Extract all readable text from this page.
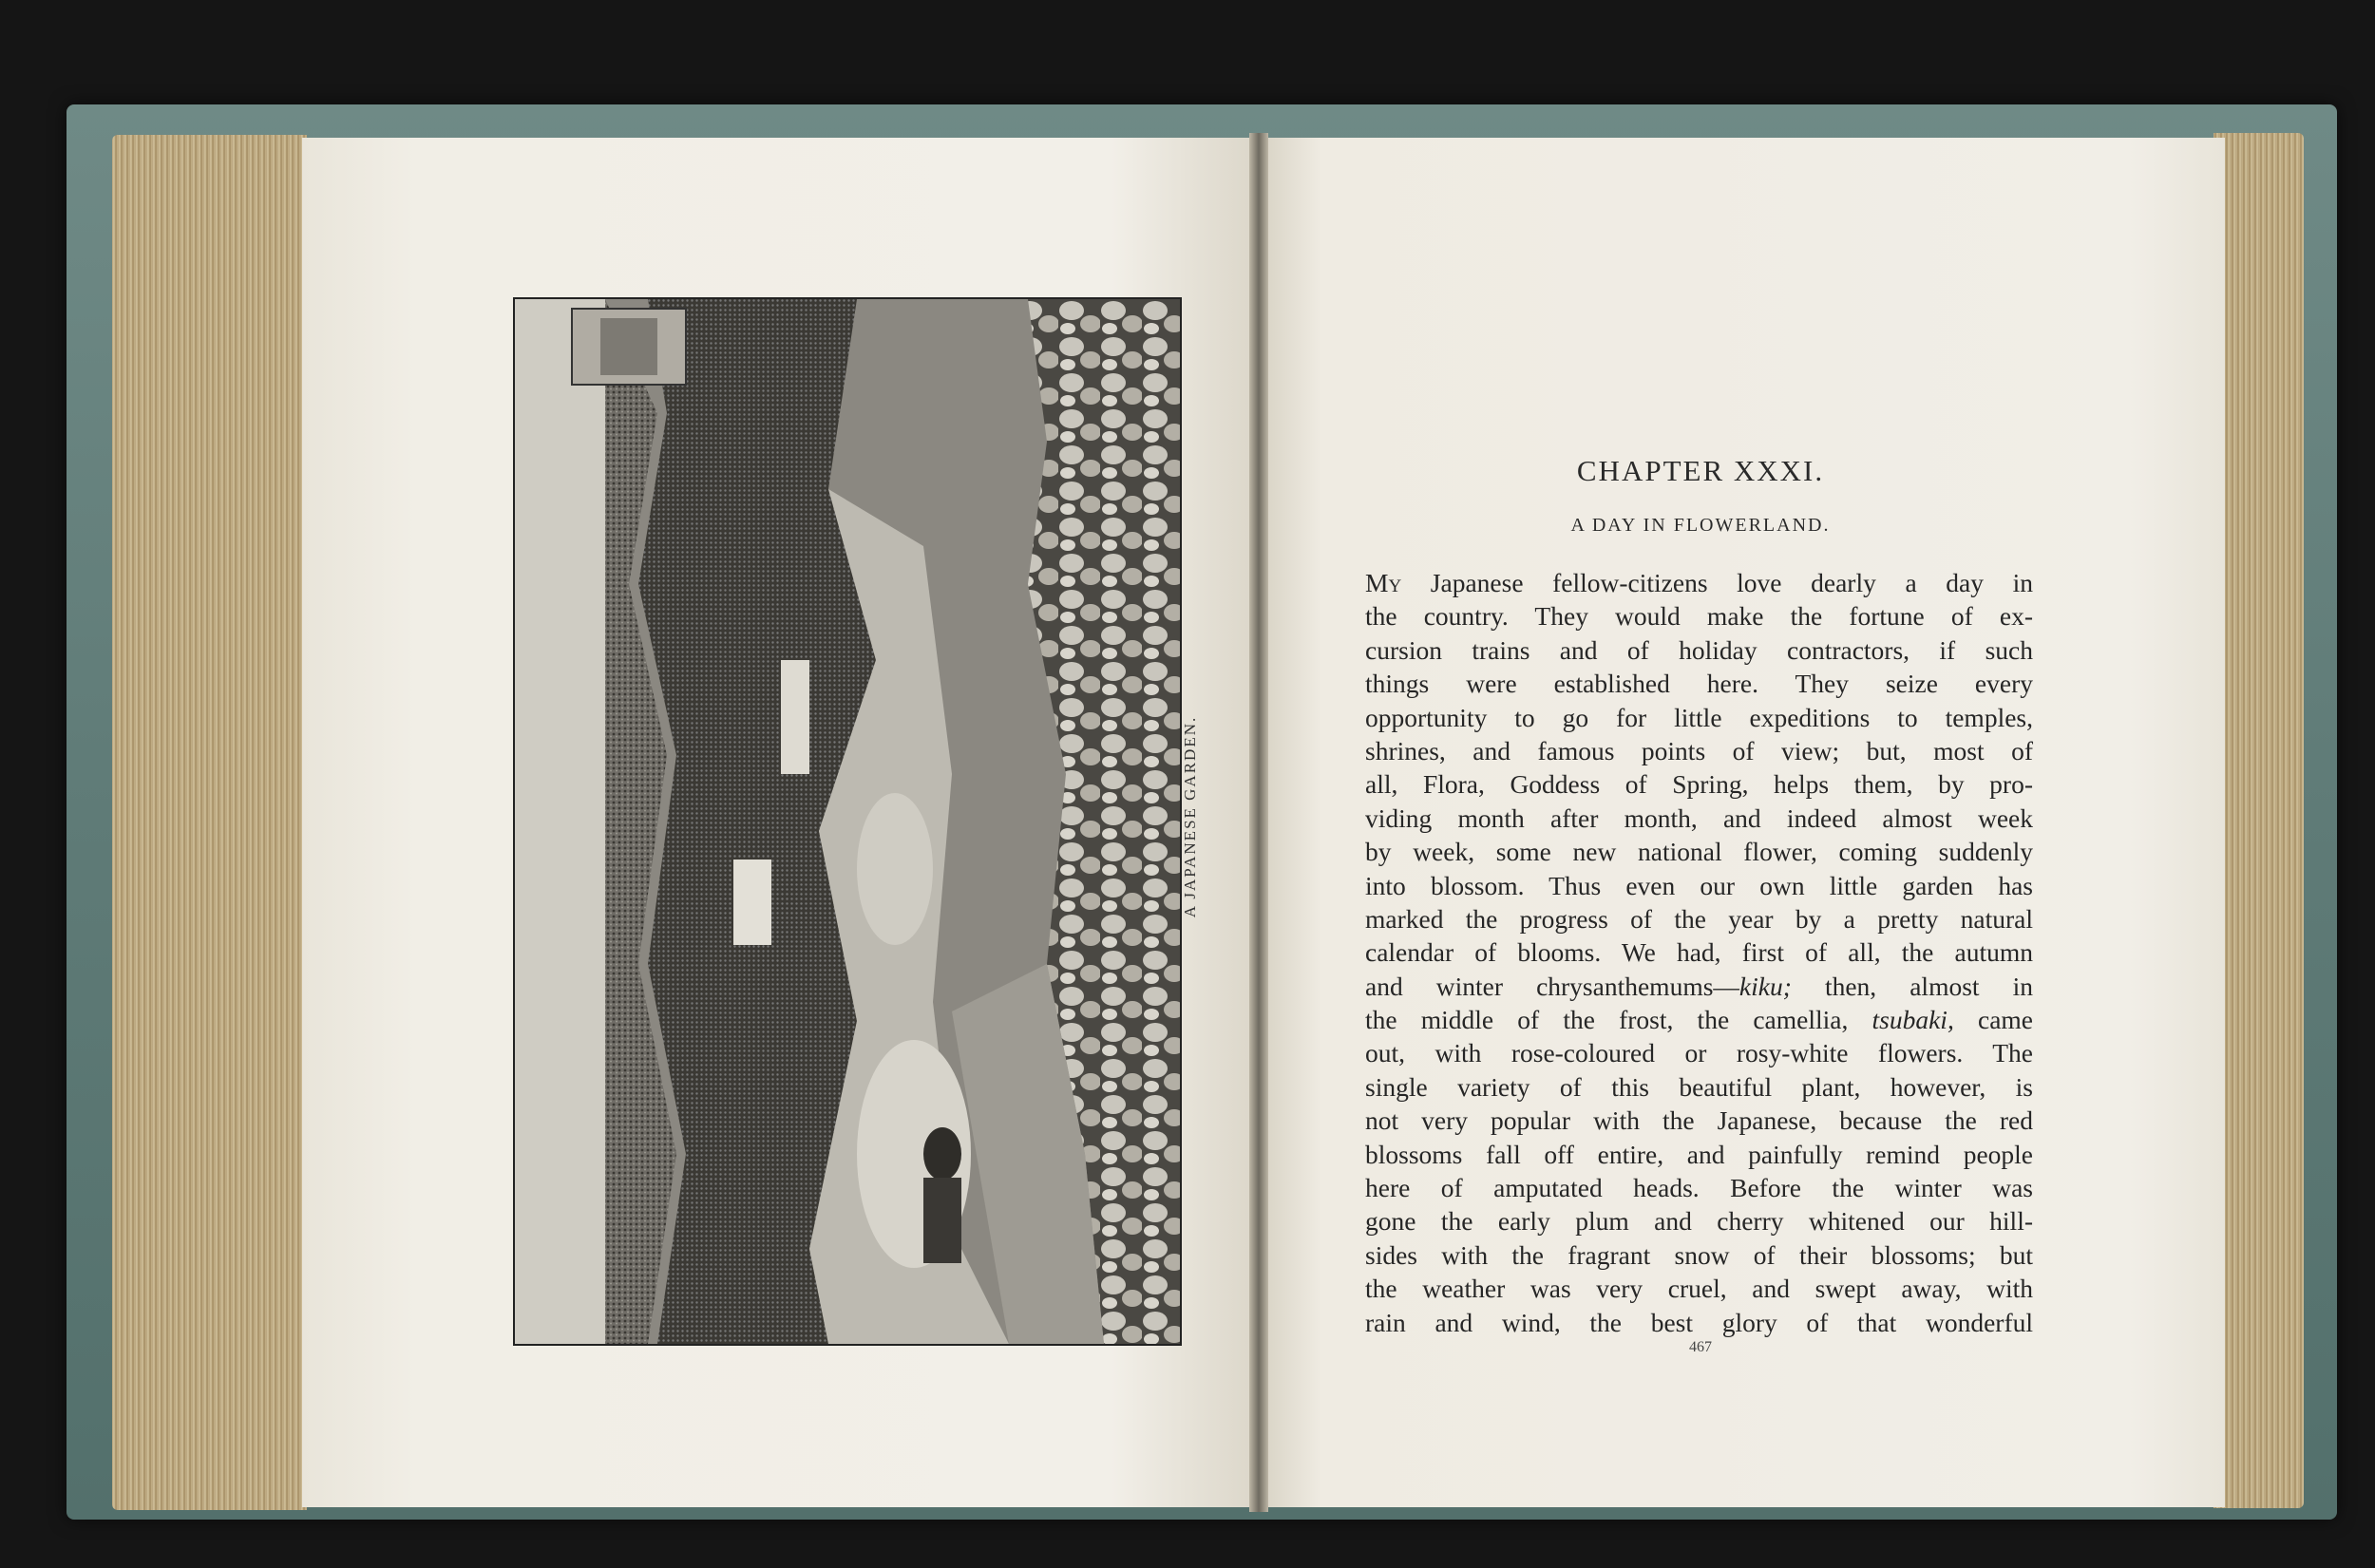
A JAPANESE GARDEN.
CHAPTER XXXI.
A DAY IN FLOWERLAND.
My Japanese fellow-citizens love dearly a day in
the country. They would make the fortune of ex-
cursion trains and of holiday contractors, if such
things were established here. They seize every
opportunity to go for little expeditions to temples,
shrines, and famous points of view; but, most of
all, Flora, Goddess of Spring, helps them, by pro-
viding month after month, and indeed almost week
by week, some new national flower, coming suddenly
into blossom. Thus even our own little garden has
marked the progress of the year by a pretty natural
calendar of blooms. We had, first of all, the autumn
and winter chrysanthemums—kiku; then, almost in
the middle of the frost, the camellia, tsubaki, came
out, with rose-coloured or rosy-white flowers. The
single variety of this beautiful plant, however, is
not very popular with the Japanese, because the red
blossoms fall off entire, and painfully remind people
here of amputated heads. Before the winter was
gone the early plum and cherry whitened our hill-
sides with the fragrant snow of their blossoms; but
the weather was very cruel, and swept away, with
rain and wind, the best glory of that wonderful
467
